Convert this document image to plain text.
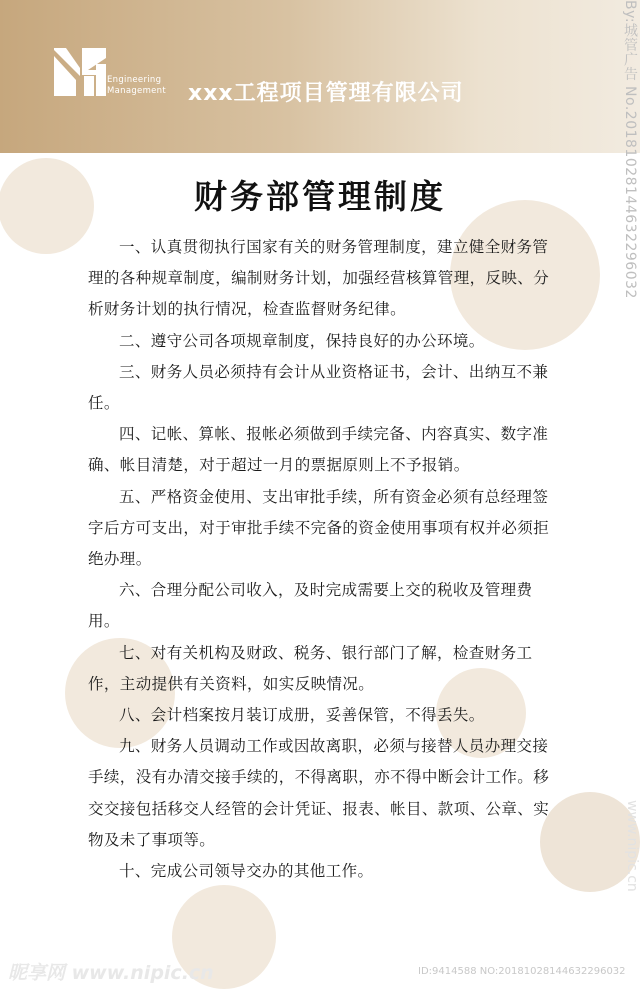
Engineering
Management xxx工程项目管理有限公司
财务部管理制度

一、认真贯彻执行国家有关的财务管理制度，建立健全财务管理的各种规章制度，编制财务计划，加强经营核算管理，反映、分析财务计划的执行情况，检查监督财务纪律。

二、遵守公司各项规章制度，保持良好的办公环境。

三、财务人员必须持有会计从业资格证书，会计、出纳互不兼任。

四、记帐、算帐、报帐必须做到手续完备、内容真实、数字准确、帐目清楚，对于超过一月的票据原则上不予报销。

五、严格资金使用、支出审批手续，所有资金必须有总经理签字后方可支出，对于审批手续不完备的资金使用事项有权并必须拒绝办理。

六、合理分配公司收入，及时完成需要上交的税收及管理费用。

七、对有关机构及财政、税务、银行部门了解，检查财务工作，主动提供有关资料，如实反映情况。

八、会计档案按月装订成册，妥善保管，不得丢失。

九、财务人员调动工作或因故离职，必须与接替人员办理交接手续，没有办清交接手续的，不得离职，亦不得中断会计工作。移交交接包括移交人经管的会计凭证、报表、帐目、款项、公章、实物及未了事项等。

十、完成公司领导交办的其他工作。

By:城管广告 No.20181028144632296032
www.nipic.cn
昵享网 www.nipic.cn	ID:9414588 NO:20181028144632296032
